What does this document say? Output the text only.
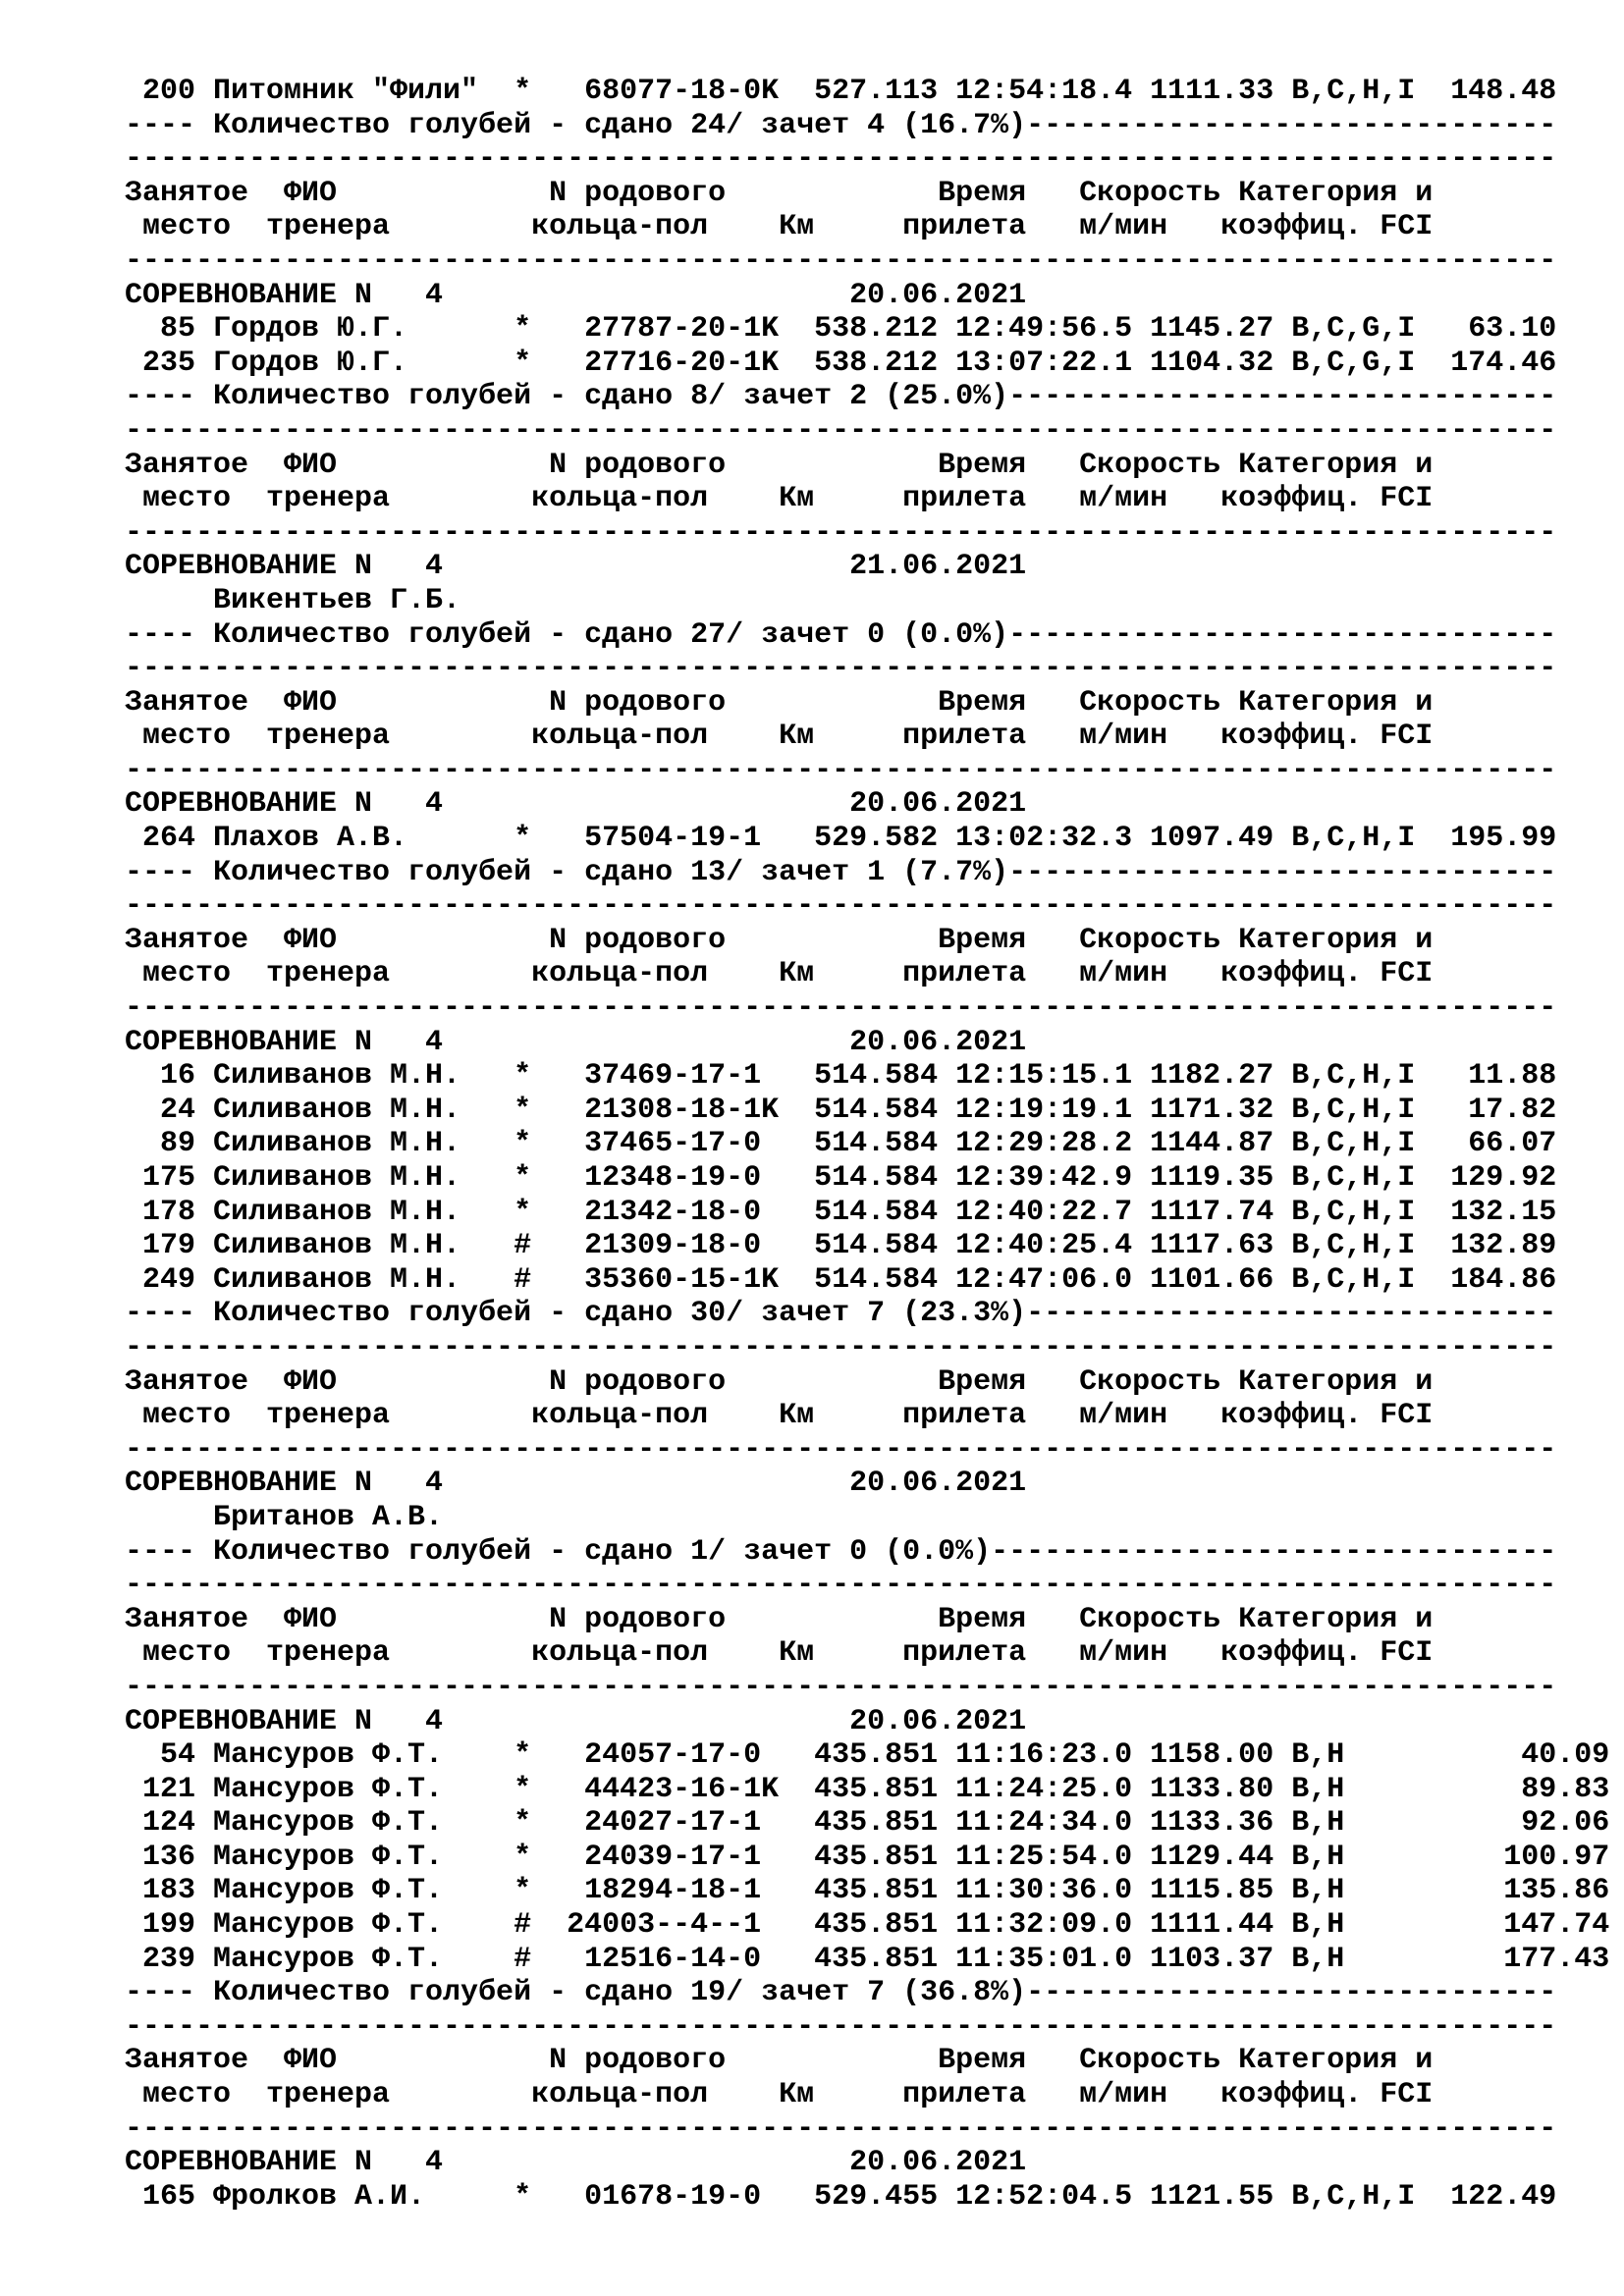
200 Питомник "Фили"  *   68077-18-0K  527.113 12:54:18.4 1111.33 B,C,H,I  148.48
---- Количество голубей - сдано 24/ зачет 4 (16.7%)------------------------------
---------------------------------------------------------------------------------
Занятое  ФИО            N родового            Время   Скорость Категория и
место  тренера        кольца-пол    Км     прилета   м/мин   коэффиц. FCI
---------------------------------------------------------------------------------
СОРЕВНОВАНИЕ N   4                       20.06.2021
85 Гордов Ю.Г.      *   27787-20-1K  538.212 12:49:56.5 1145.27 B,C,G,I   63.10
235 Гордов Ю.Г.      *   27716-20-1K  538.212 13:07:22.1 1104.32 B,C,G,I  174.46
---- Количество голубей - сдано 8/ зачет 2 (25.0%)-------------------------------
---------------------------------------------------------------------------------
Занятое  ФИО            N родового            Время   Скорость Категория и
место  тренера        кольца-пол    Км     прилета   м/мин   коэффиц. FCI
---------------------------------------------------------------------------------
СОРЕВНОВАНИЕ N   4                       21.06.2021
Викентьев Г.Б.
---- Количество голубей - сдано 27/ зачет 0 (0.0%)-------------------------------
---------------------------------------------------------------------------------
Занятое  ФИО            N родового            Время   Скорость Категория и
место  тренера        кольца-пол    Км     прилета   м/мин   коэффиц. FCI
---------------------------------------------------------------------------------
СОРЕВНОВАНИЕ N   4                       20.06.2021
264 Плахов А.В.      *   57504-19-1   529.582 13:02:32.3 1097.49 B,C,H,I  195.99
---- Количество голубей - сдано 13/ зачет 1 (7.7%)-------------------------------
---------------------------------------------------------------------------------
Занятое  ФИО            N родового            Время   Скорость Категория и
место  тренера        кольца-пол    Км     прилета   м/мин   коэффиц. FCI
---------------------------------------------------------------------------------
СОРЕВНОВАНИЕ N   4                       20.06.2021
16 Силиванов М.Н.   *   37469-17-1   514.584 12:15:15.1 1182.27 B,C,H,I   11.88
24 Силиванов М.Н.   *   21308-18-1K  514.584 12:19:19.1 1171.32 B,C,H,I   17.82
89 Силиванов М.Н.   *   37465-17-0   514.584 12:29:28.2 1144.87 B,C,H,I   66.07
175 Силиванов М.Н.   *   12348-19-0   514.584 12:39:42.9 1119.35 B,C,H,I  129.92
178 Силиванов М.Н.   *   21342-18-0   514.584 12:40:22.7 1117.74 B,C,H,I  132.15
179 Силиванов М.Н.   #   21309-18-0   514.584 12:40:25.4 1117.63 B,C,H,I  132.89
249 Силиванов М.Н.   #   35360-15-1K  514.584 12:47:06.0 1101.66 B,C,H,I  184.86
---- Количество голубей - сдано 30/ зачет 7 (23.3%)------------------------------
---------------------------------------------------------------------------------
Занятое  ФИО            N родового            Время   Скорость Категория и
место  тренера        кольца-пол    Км     прилета   м/мин   коэффиц. FCI
---------------------------------------------------------------------------------
СОРЕВНОВАНИЕ N   4                       20.06.2021
Британов А.В.
---- Количество голубей - сдано 1/ зачет 0 (0.0%)--------------------------------
---------------------------------------------------------------------------------
Занятое  ФИО            N родового            Время   Скорость Категория и
место  тренера        кольца-пол    Км     прилета   м/мин   коэффиц. FCI
---------------------------------------------------------------------------------
СОРЕВНОВАНИЕ N   4                       20.06.2021
54 Мансуров Ф.Т.    *   24057-17-0   435.851 11:16:23.0 1158.00 B,H          40.09
121 Мансуров Ф.Т.    *   44423-16-1K  435.851 11:24:25.0 1133.80 B,H          89.83
124 Мансуров Ф.Т.    *   24027-17-1   435.851 11:24:34.0 1133.36 B,H          92.06
136 Мансуров Ф.Т.    *   24039-17-1   435.851 11:25:54.0 1129.44 B,H         100.97
183 Мансуров Ф.Т.    *   18294-18-1   435.851 11:30:36.0 1115.85 B,H         135.86
199 Мансуров Ф.Т.    #  24003--4--1   435.851 11:32:09.0 1111.44 B,H         147.74
239 Мансуров Ф.Т.    #   12516-14-0   435.851 11:35:01.0 1103.37 B,H         177.43
---- Количество голубей - сдано 19/ зачет 7 (36.8%)------------------------------
---------------------------------------------------------------------------------
Занятое  ФИО            N родового            Время   Скорость Категория и
место  тренера        кольца-пол    Км     прилета   м/мин   коэффиц. FCI
---------------------------------------------------------------------------------
СОРЕВНОВАНИЕ N   4                       20.06.2021
165 Фролков А.И.     *   01678-19-0   529.455 12:52:04.5 1121.55 B,C,H,I  122.49
